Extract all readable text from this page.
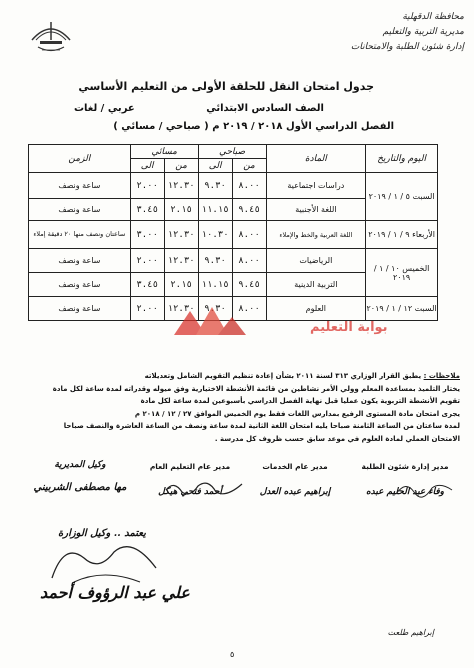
محافظة الدقهلية
مديرية التربية والتعليم
إدارة شئون الطلبة والامتحانات
جدول امتحان النقل للحلقة الأولى من التعليم الأساسي
الصف السادس الابتدائي
عربي / لغات
الفصل الدراسي الأول ٢٠١٨ / ٢٠١٩ م ( صباحي / مسائي )
اليوم والتاريخ	المادة	صباحي		مسائي		الزمن
		من	الى	من	الى	
السبت ٥ / ١ / ٢٠١٩	دراسات اجتماعية	٨.٠٠	٩.٣٠	١٢.٣٠	٢.٠٠	ساعة ونصف
	اللغة الأجنبية	٩.٤٥	١١.١٥	٢.١٥	٣.٤٥	ساعة ونصف
الأربعاء ٩ / ١ / ٢٠١٩	اللغة العربية والخط والإملاء	٨.٠٠	١٠.٣٠	١٢.٣٠	٣.٠٠	ساعتان ونصف منها ٢٠ دقيقة إملاء
الخميس ١٠ / ١ / ٢٠١٩	الرياضيات	٨.٠٠	٩.٣٠	١٢.٣٠	٢.٠٠	ساعة ونصف
	التربية الدينية	٩.٤٥	١١.١٥	٢.١٥	٣.٤٥	ساعة ونصف
السبت ١٢ / ١ / ٢٠١٩	العلوم	٨.٠٠	٩.٣٠	١٢.٣٠	٢.٠٠	ساعة ونصف
بوابة التعليم
ملاحظات : يطبق القرار الوزاري ٣١٣ لسنة ٢٠١١ بشأن إعادة تنظيم التقويم الشامل وتعديلاته
يختار التلميذ بمساعدة المعلم وولي الأمر نشاطين من قائمة الأنشطة الاختيارية وفق ميوله وقدراته لمدة ساعة لكل مادة
تقويم الأنشطة التربوية يكون عمليا قبل نهاية الفصل الدراسي بأسبوعين لمدة ساعة لكل مادة
يجرى امتحان مادة المستوى الرفيع بمدارس اللغات فقط يوم الخميس الموافق ٢٧ / ١٢ / ٢٠١٨ م
لمدة ساعتان من الساعة الثامنة صباحا يليه امتحان اللغة الثانية لمدة ساعة ونصف من الساعة العاشرة والنصف صباحا
الامتحان العملي لمادة العلوم في موعد سابق حسب ظروف كل مدرسة .
مدير إدارة شئون الطلبة
وفاء عبد الحليم عبده
مدير عام الخدمات
إبراهيم عبده العدل
مدير عام التعليم العام
أحمد فتحي هيكل
وكيل المديرية
مها مصطفى الشربيني
يعتمد .. وكيل الوزارة
علي عبد الرؤوف أحمد
إبراهيم طلعت
٥
